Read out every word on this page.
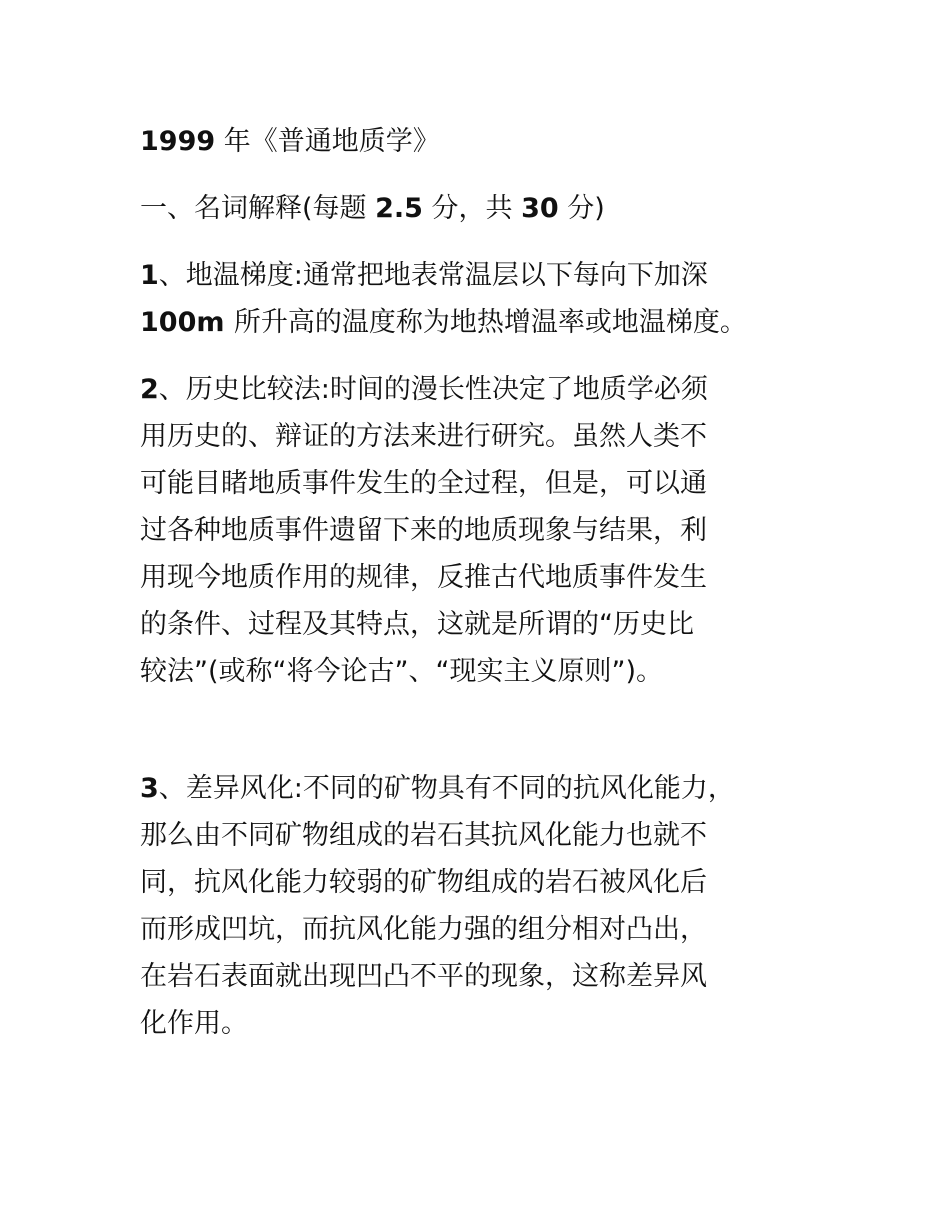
1999 年《普通地质学》
一、名词解释(每题 2.5 分，共 30 分)
1、地温梯度:通常把地表常温层以下每向下加深
100m 所升高的温度称为地热增温率或地温梯度。
2、历史比较法:时间的漫长性决定了地质学必须
用历史的、辩证的方法来进行研究。虽然人类不
可能目睹地质事件发生的全过程，但是，可以通
过各种地质事件遗留下来的地质现象与结果，利
用现今地质作用的规律，反推古代地质事件发生
的条件、过程及其特点，这就是所谓的“历史比
较法”(或称“将今论古”、“现实主义原则”)。
3、差异风化:不同的矿物具有不同的抗风化能力，
那么由不同矿物组成的岩石其抗风化能力也就不
同，抗风化能力较弱的矿物组成的岩石被风化后
而形成凹坑，而抗风化能力强的组分相对凸出，
在岩石表面就出现凹凸不平的现象，这称差异风
化作用。
